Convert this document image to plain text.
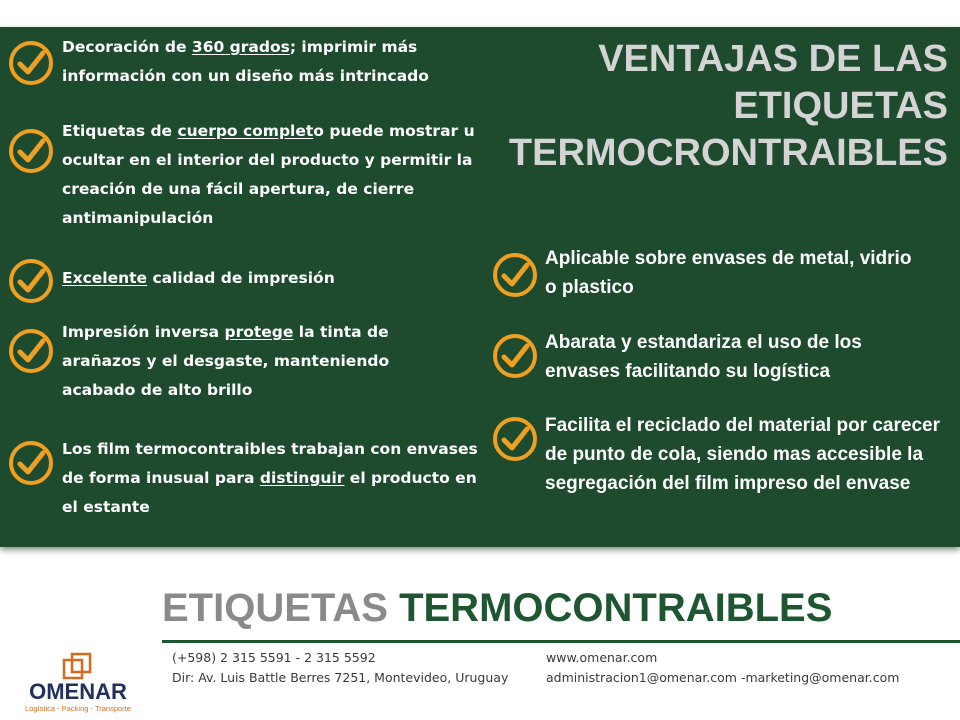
VENTAJAS DE LAS
ETIQUETAS
TERMOCRONTRAIBLES
Decoración de 360 grados; imprimir más información con un diseño más intrincado
Etiquetas de cuerpo completo puede mostrar u ocultar en el interior del producto y permitir la creación de una fácil apertura, de cierre antimanipulación
Excelente calidad de impresión
Impresión inversa protege la tinta de arañazos y el desgaste, manteniendo acabado de alto brillo
Los film termocontraibles trabajan con envases de forma inusual para distinguir el producto en el estante
Aplicable sobre envases de metal, vidrio o plastico
Abarata y estandariza el uso de los envases facilitando su logística
Facilita el reciclado del material por carecer de punto de cola, siendo mas accesible la segregación del film impreso del envase
ETIQUETAS TERMOCONTRAIBLES
(+598) 2 315 5591 - 2 315 5592
Dir: Av. Luis Battle Berres 7251, Montevideo, Uruguay
www.omenar.com
administracion1@omenar.com -marketing@omenar.com
OMENAR
Logística - Packing - Transporte
